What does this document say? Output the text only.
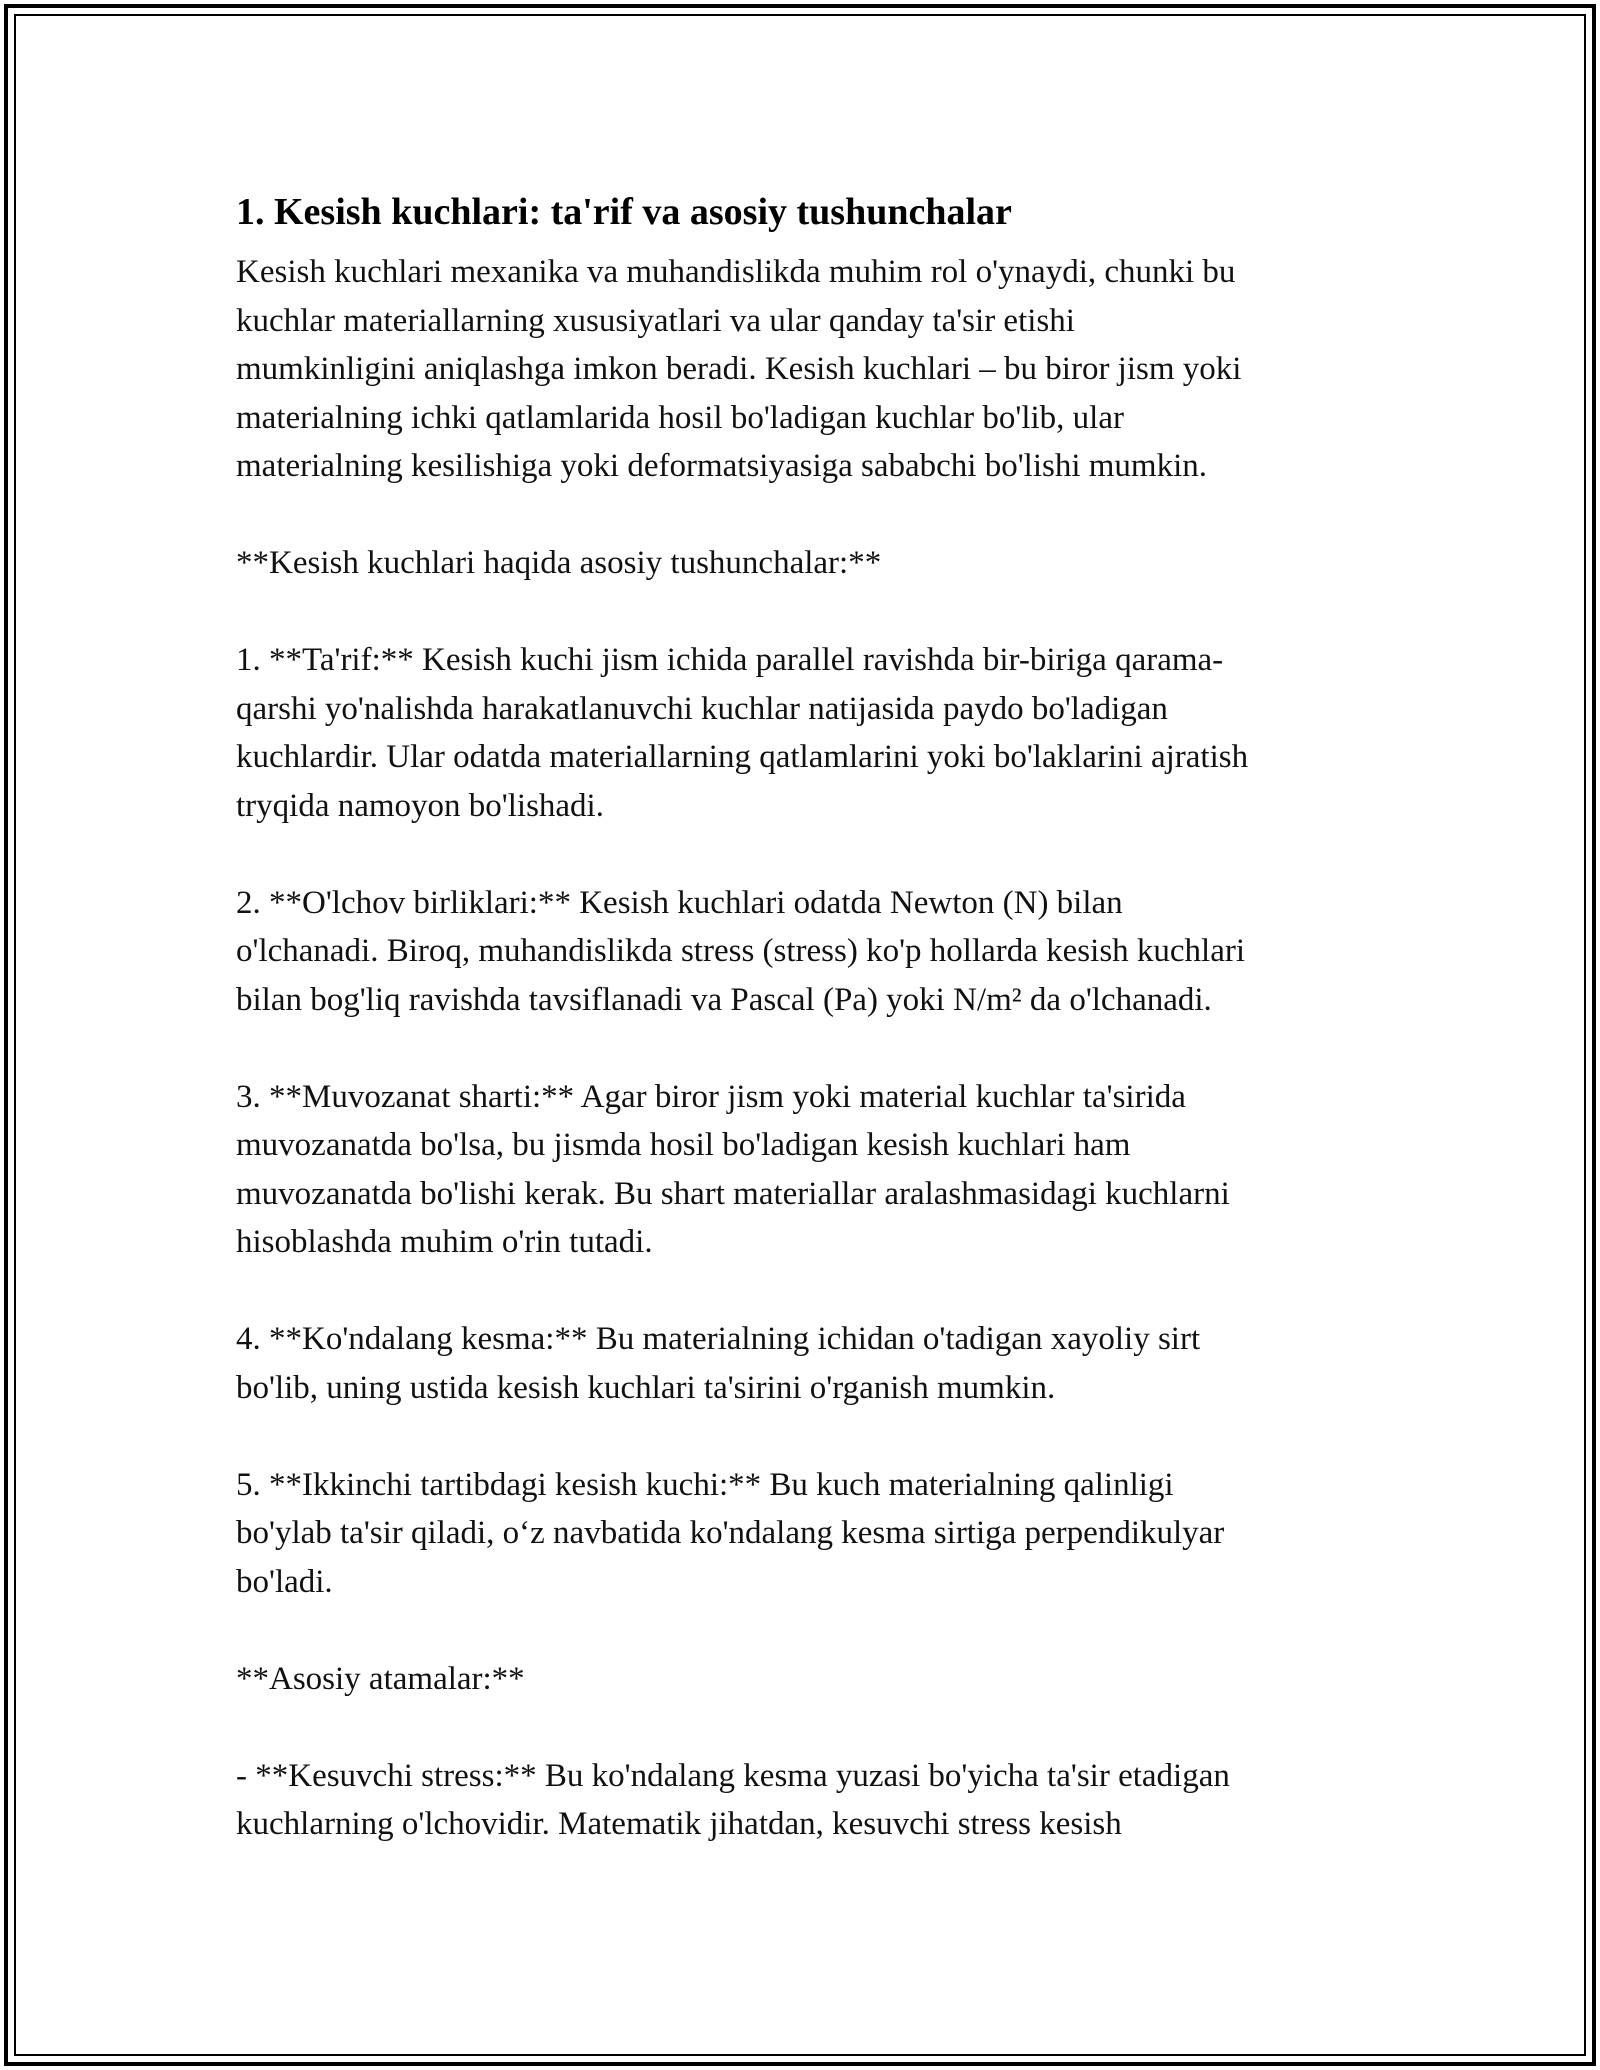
1. Kesish kuchlari: ta'rif va asosiy tushunchalar

Kesish kuchlari mexanika va muhandislikda muhim rol o'ynaydi, chunki bu
kuchlar materiallarning xususiyatlari va ular qanday ta'sir etishi
mumkinligini aniqlashga imkon beradi. Kesish kuchlari – bu biror jism yoki
materialning ichki qatlamlarida hosil bo'ladigan kuchlar bo'lib, ular
materialning kesilishiga yoki deformatsiyasiga sababchi bo'lishi mumkin.

**Kesish kuchlari haqida asosiy tushunchalar:**

1. **Ta'rif:** Kesish kuchi jism ichida parallel ravishda bir-biriga qarama-
qarshi yo'nalishda harakatlanuvchi kuchlar natijasida paydo bo'ladigan
kuchlardir. Ular odatda materiallarning qatlamlarini yoki bo'laklarini ajratish
tryqida namoyon bo'lishadi.

2. **O'lchov birliklari:** Kesish kuchlari odatda Newton (N) bilan
o'lchanadi. Biroq, muhandislikda stress (stress) ko'p hollarda kesish kuchlari
bilan bog'liq ravishda tavsiflanadi va Pascal (Pa) yoki N/m² da o'lchanadi.

3. **Muvozanat sharti:** Agar biror jism yoki material kuchlar ta'sirida
muvozanatda bo'lsa, bu jismda hosil bo'ladigan kesish kuchlari ham
muvozanatda bo'lishi kerak. Bu shart materiallar aralashmasidagi kuchlarni
hisoblashda muhim o'rin tutadi.

4. **Ko'ndalang kesma:** Bu materialning ichidan o'tadigan xayoliy sirt
bo'lib, uning ustida kesish kuchlari ta'sirini o'rganish mumkin.

5. **Ikkinchi tartibdagi kesish kuchi:** Bu kuch materialning qalinligi
bo'ylab ta'sir qiladi, o‘z navbatida ko'ndalang kesma sirtiga perpendikulyar
bo'ladi.

**Asosiy atamalar:**

- **Kesuvchi stress:** Bu ko'ndalang kesma yuzasi bo'yicha ta'sir etadigan
kuchlarning o'lchovidir. Matematik jihatdan, kesuvchi stress kesish
